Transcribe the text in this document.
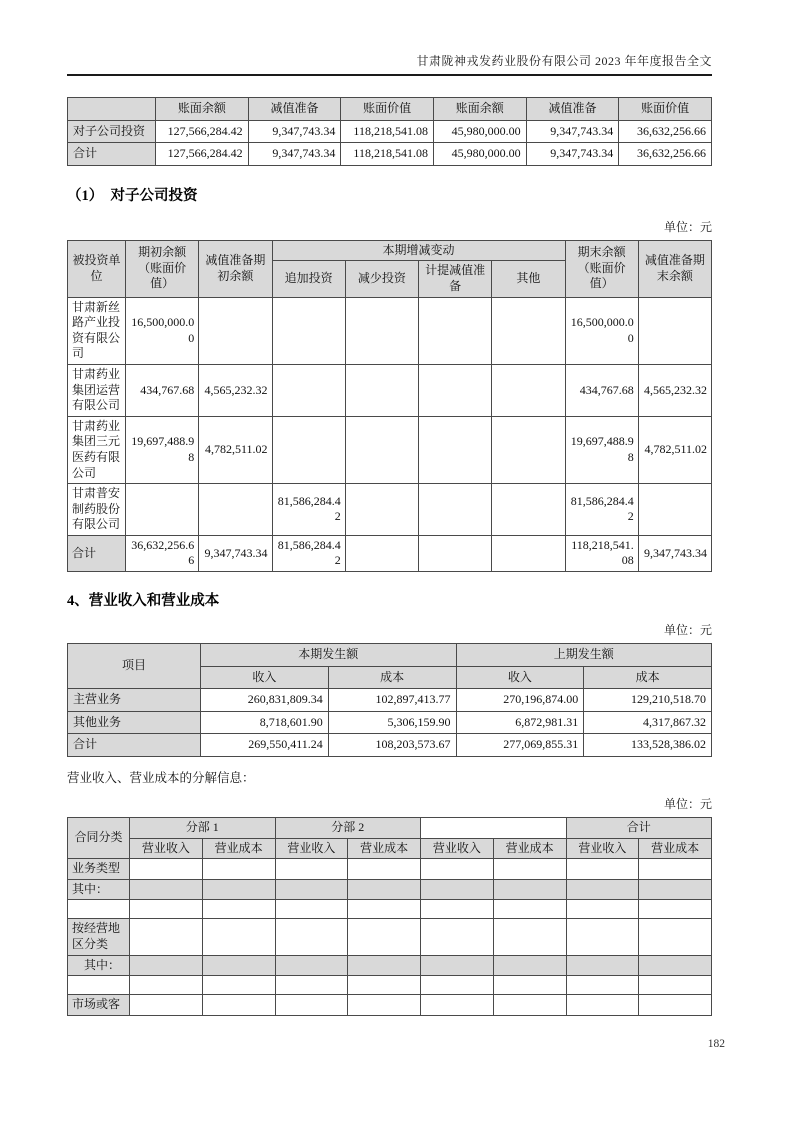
甘肃陇神戎发药业股份有限公司 2023 年年度报告全文
	账面余额	减值准备	账面价值	账面余额	减值准备	账面价值
对子公司投资	127,566,284.42	9,347,743.34	118,218,541.08	45,980,000.00	9,347,743.34	36,632,256.66
合计	127,566,284.42	9,347,743.34	118,218,541.08	45,980,000.00	9,347,743.34	36,632,256.66
（1）  对子公司投资
单位：元
被投资单位	期初余额（账面价值）	减值准备期初余额	本期增减变动				期末余额（账面价值）	减值准备期末余额
			追加投资	减少投资	计提减值准备	其他		
甘肃新丝路产业投资有限公司	16,500,000.00						16,500,000.00	
甘肃药业集团运营有限公司	434,767.68	4,565,232.32					434,767.68	4,565,232.32
甘肃药业集团三元医药有限公司	19,697,488.98	4,782,511.02					19,697,488.98	4,782,511.02
甘肃普安制药股份有限公司			81,586,284.42				81,586,284.42	
合计	36,632,256.66	9,347,743.34	81,586,284.42				118,218,541.08	9,347,743.34
4、营业收入和营业成本
单位：元
项目	本期发生额		上期发生额	
	收入	成本	收入	成本
主营业务	260,831,809.34	102,897,413.77	270,196,874.00	129,210,518.70
其他业务	8,718,601.90	5,306,159.90	6,872,981.31	4,317,867.32
合计	269,550,411.24	108,203,573.67	277,069,855.31	133,528,386.02
营业收入、营业成本的分解信息：
单位：元
合同分类	分部 1		分部 2				合计	
	营业收入	营业成本	营业收入	营业成本	营业收入	营业成本	营业收入	营业成本
业务类型								
其中：								

按经营地区分类								
其中：								

市场或客								
182
